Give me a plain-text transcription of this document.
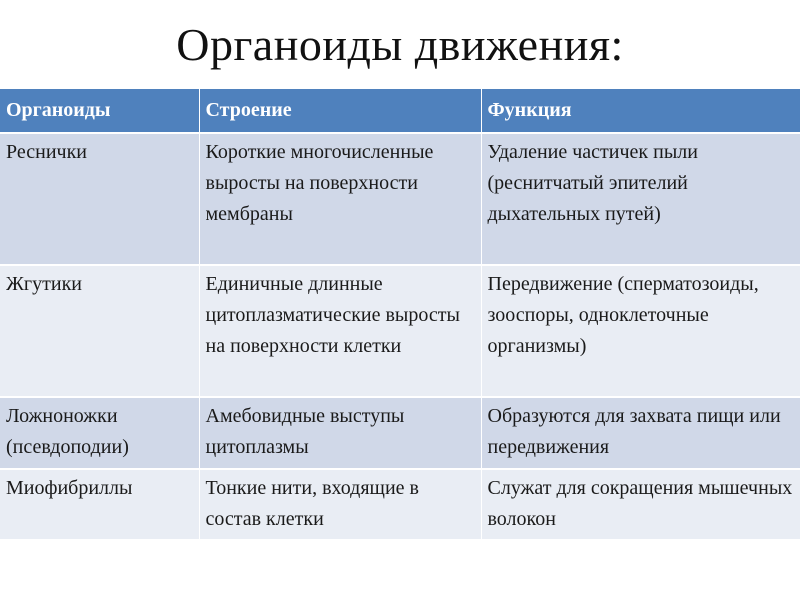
Органоиды движения:
Органоиды	Строение	Функция
Реснички	Короткие многочисленные выросты на поверхности мембраны	Удаление частичек пыли (реснитчатый эпителий дыхательных путей)
Жгутики	Единичные длинные цитоплазматические выросты на поверхности клетки	Передвижение (сперматозоиды, зооспоры, одноклеточные организмы)
Ложноножки (псевдоподии)	Амебовидные выступы цитоплазмы	Образуются для захвата пищи или передвижения
Миофибриллы	Тонкие нити, входящие в состав клетки	Служат для сокращения мышечных волокон
